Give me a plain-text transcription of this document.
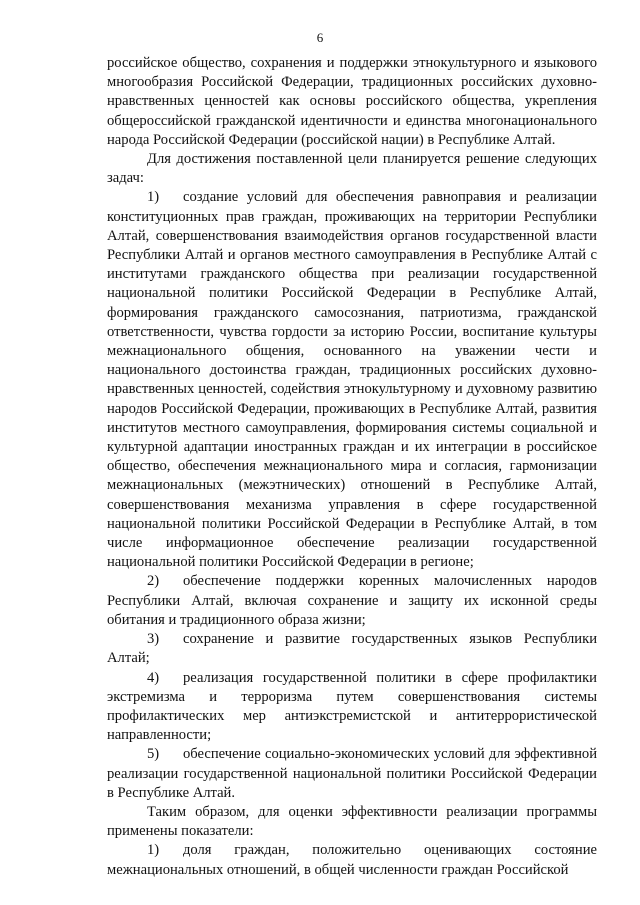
6

российское общество, сохранения и поддержки этнокультурного и языкового многообразия Российской Федерации, традиционных российских духовно-нравственных ценностей как основы российского общества, укрепления общероссийской гражданской идентичности и единства многонационального народа Российской Федерации (российской нации) в Республике Алтай.

Для достижения поставленной цели планируется решение следующих задач:

1) создание условий для обеспечения равноправия и реализации конституционных прав граждан, проживающих на территории Республики Алтай, совершенствования взаимодействия органов государственной власти Республики Алтай и органов местного самоуправления в Республике Алтай с институтами гражданского общества при реализации государственной национальной политики Российской Федерации в Республике Алтай, формирования гражданского самосознания, патриотизма, гражданской ответственности, чувства гордости за историю России, воспитание культуры межнационального общения, основанного на уважении чести и национального достоинства граждан, традиционных российских духовно-нравственных ценностей, содействия этнокультурному и духовному развитию народов Российской Федерации, проживающих в Республике Алтай, развития институтов местного самоуправления, формирования системы социальной и культурной адаптации иностранных граждан и их интеграции в российское общество, обеспечения межнационального мира и согласия, гармонизации межнациональных (межэтнических) отношений в Республике Алтай, совершенствования механизма управления в сфере государственной национальной политики Российской Федерации в Республике Алтай, в том числе информационное обеспечение реализации государственной национальной политики Российской Федерации в регионе;

2) обеспечение поддержки коренных малочисленных народов Республики Алтай, включая сохранение и защиту их исконной среды обитания и традиционного образа жизни;

3) сохранение и развитие государственных языков Республики Алтай;

4) реализация государственной политики в сфере профилактики экстремизма и терроризма путем совершенствования системы профилактических мер антиэкстремистской и антитеррористической направленности;

5) обеспечение социально-экономических условий для эффективной реализации государственной национальной политики Российской Федерации в Республике Алтай.

Таким образом, для оценки эффективности реализации программы применены показатели:

1) доля граждан, положительно оценивающих состояние межнациональных отношений, в общей численности граждан Российской
